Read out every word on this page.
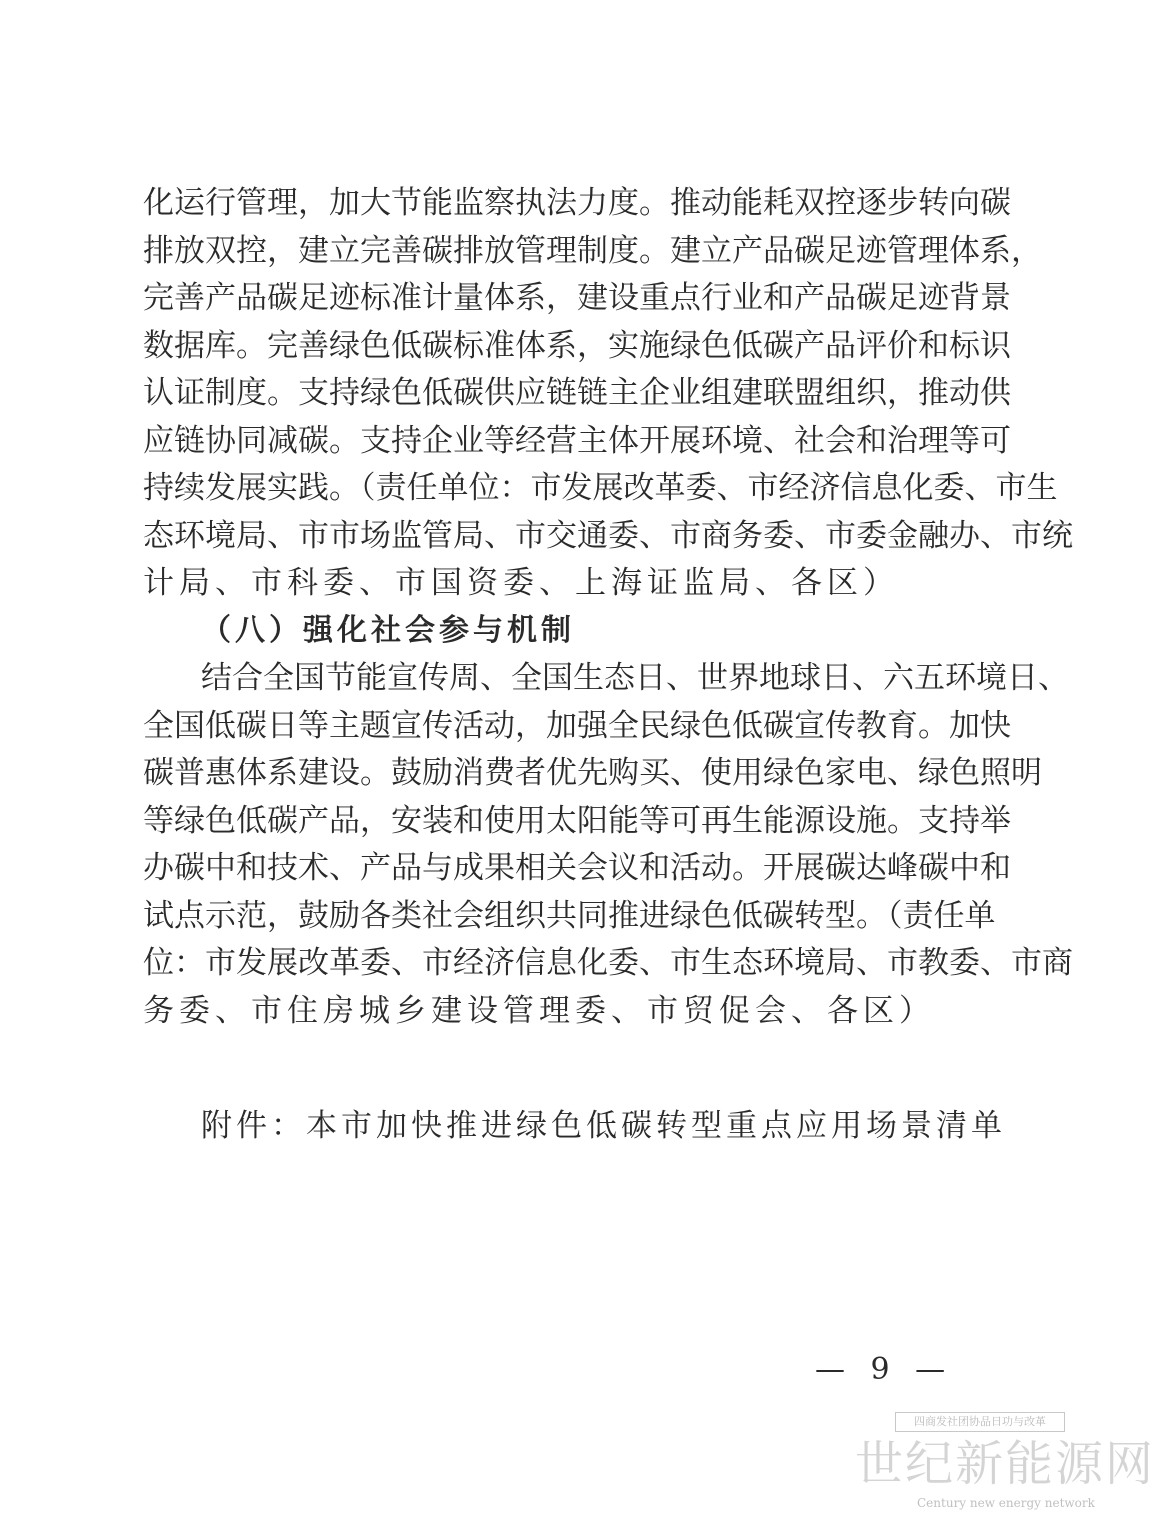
化运行管理，加大节能监察执法力度。推动能耗双控逐步转向碳
排放双控，建立完善碳排放管理制度。建立产品碳足迹管理体系，
完善产品碳足迹标准计量体系，建设重点行业和产品碳足迹背景
数据库。完善绿色低碳标准体系，实施绿色低碳产品评价和标识
认证制度。支持绿色低碳供应链链主企业组建联盟组织，推动供
应链协同减碳。支持企业等经营主体开展环境、社会和治理等可
持续发展实践。（责任单位：市发展改革委、市经济信息化委、市生
态环境局、市市场监管局、市交通委、市商务委、市委金融办、市统
计局、市科委、市国资委、上海证监局、各区）
（八）强化社会参与机制
结合全国节能宣传周、全国生态日、世界地球日、六五环境日、
全国低碳日等主题宣传活动，加强全民绿色低碳宣传教育。加快
碳普惠体系建设。鼓励消费者优先购买、使用绿色家电、绿色照明
等绿色低碳产品，安装和使用太阳能等可再生能源设施。支持举
办碳中和技术、产品与成果相关会议和活动。开展碳达峰碳中和
试点示范，鼓励各类社会组织共同推进绿色低碳转型。（责任单
位：市发展改革委、市经济信息化委、市生态环境局、市教委、市商
务委、市住房城乡建设管理委、市贸促会、各区）
附件：本市加快推进绿色低碳转型重点应用场景清单
— 9 —
四商发社团协品日功与改革
世纪新能源网
Century new energy network
